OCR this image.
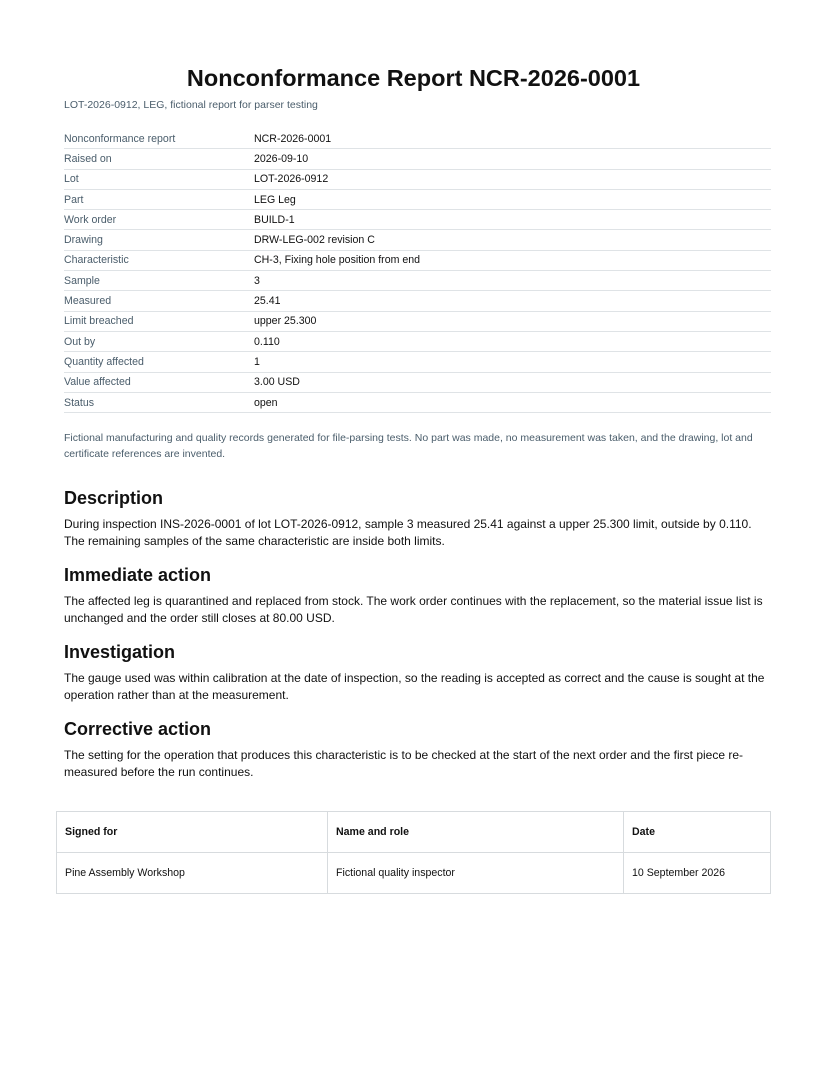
Nonconformance Report NCR-2026-0001
LOT-2026-0912, LEG, fictional report for parser testing
Nonconformance report	NCR-2026-0001
Raised on	2026-09-10
Lot	LOT-2026-0912
Part	LEG Leg
Work order	BUILD-1
Drawing	DRW-LEG-002 revision C
Characteristic	CH-3, Fixing hole position from end
Sample	3
Measured	25.41
Limit breached	upper 25.300
Out by	0.110
Quantity affected	1
Value affected	3.00 USD
Status	open
Fictional manufacturing and quality records generated for file-parsing tests. No part was made, no measurement was taken, and the drawing, lot and certificate references are invented.
Description

During inspection INS-2026-0001 of lot LOT-2026-0912, sample 3 measured 25.41 against a upper 25.300 limit, outside by 0.110. The remaining samples of the same characteristic are inside both limits.

Immediate action

The affected leg is quarantined and replaced from stock. The work order continues with the replacement, so the material issue list is unchanged and the order still closes at 80.00 USD.

Investigation

The gauge used was within calibration at the date of inspection, so the reading is accepted as correct and the cause is sought at the operation rather than at the measurement.

Corrective action

The setting for the operation that produces this characteristic is to be checked at the start of the next order and the first piece re-measured before the run continues.

Signed for	Name and role	Date
Pine Assembly Workshop	Fictional quality inspector	10 September 2026
